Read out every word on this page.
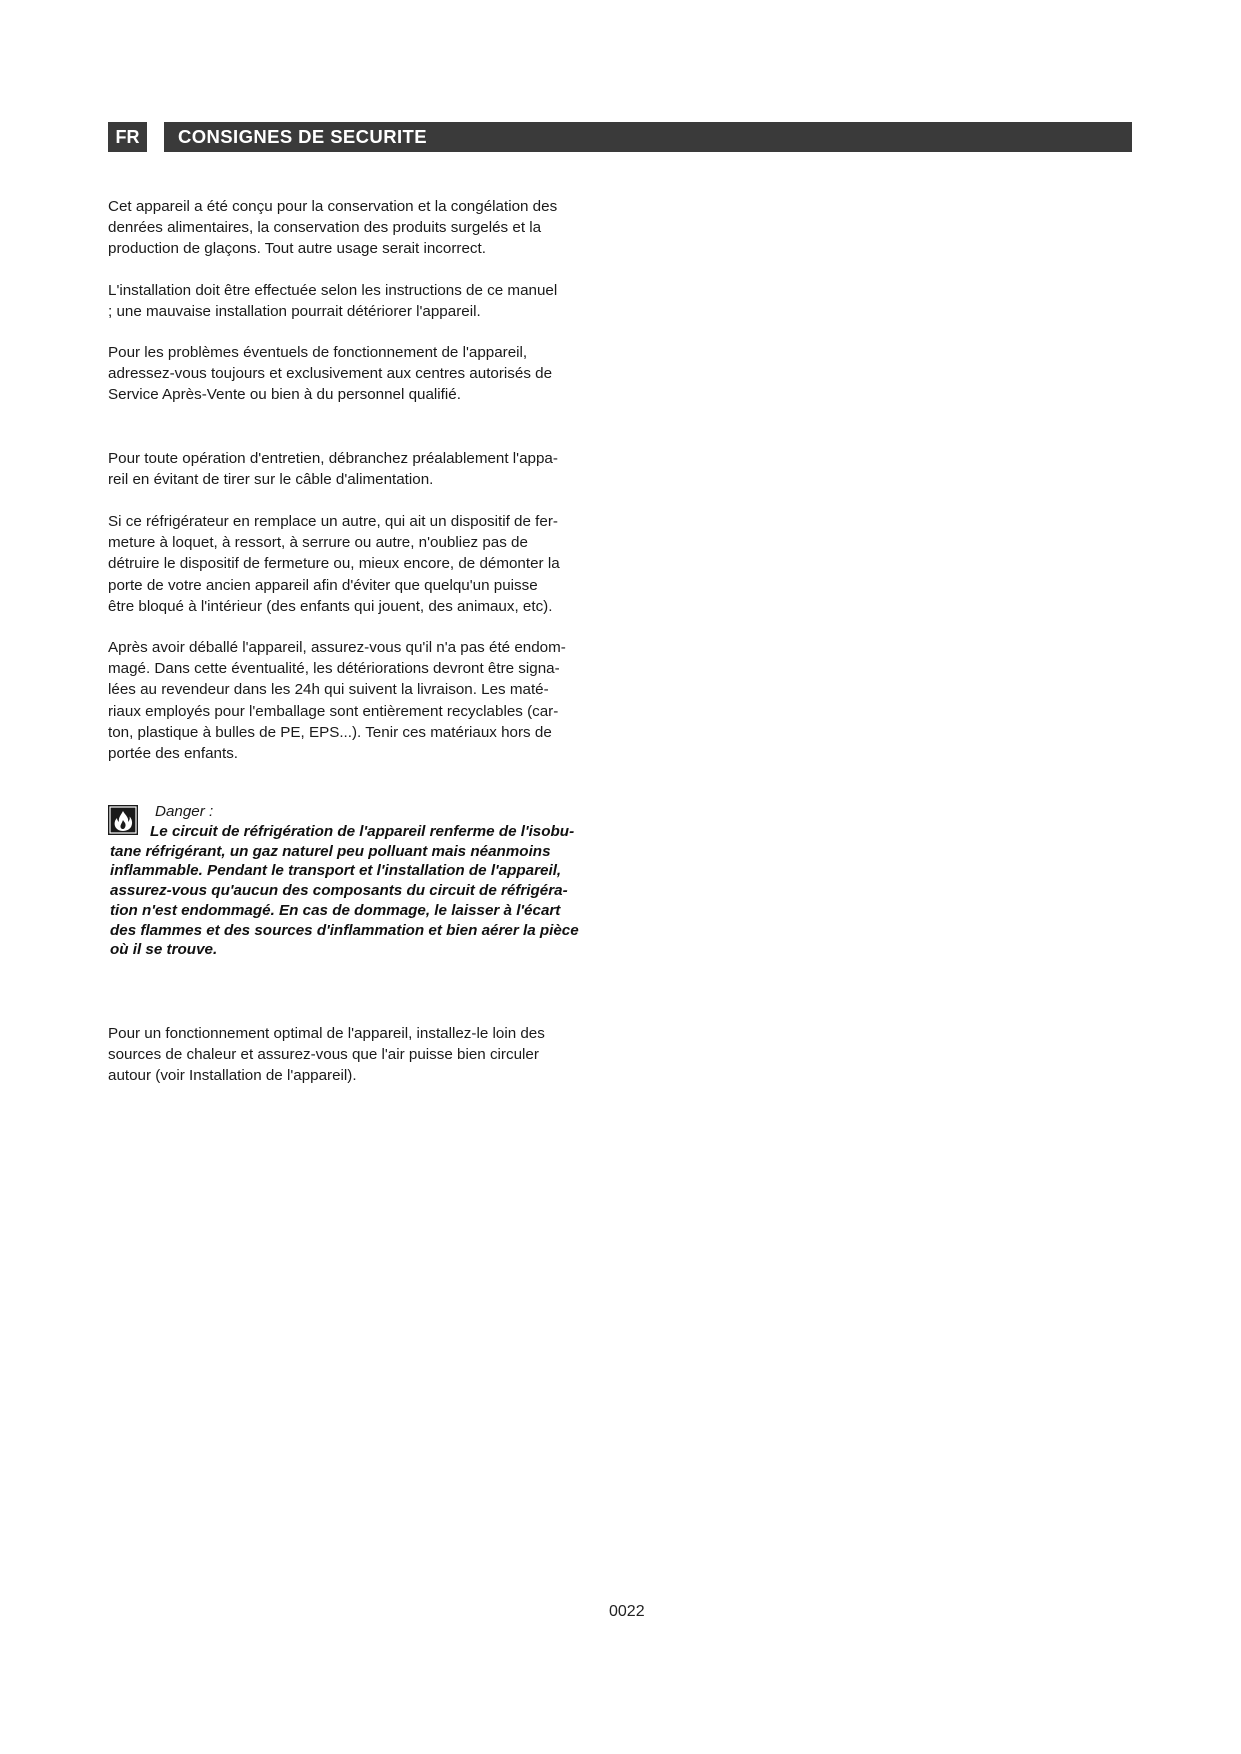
FR	CONSIGNES DE SECURITE

Cet appareil a été conçu pour la conservation et la congélation des
denrées alimentaires, la conservation des produits surgelés et la
production de glaçons. Tout autre usage serait incorrect.

L'installation doit être effectuée selon les instructions de ce manuel
; une mauvaise installation pourrait détériorer l'appareil.

Pour les problèmes éventuels de fonctionnement de l'appareil,
adressez-vous toujours et exclusivement aux centres autorisés de
Service Après-Vente ou bien à du personnel qualifié.

Pour toute opération d'entretien, débranchez préalablement l'appa-
reil en évitant de tirer sur le câble d'alimentation.

Si ce réfrigérateur en remplace un autre, qui ait un dispositif de fer-
meture à loquet, à ressort, à serrure ou autre, n'oubliez pas de
détruire le dispositif de fermeture ou, mieux encore, de démonter la
porte de votre ancien appareil afin d'éviter que quelqu'un puisse
être bloqué à l'intérieur (des enfants qui jouent, des animaux, etc).

Après avoir déballé l'appareil, assurez-vous qu'il n'a pas été endom-
magé. Dans cette éventualité, les détériorations devront être signa-
lées au revendeur dans les 24h qui suivent la livraison. Les maté-
riaux employés pour l'emballage sont entièrement recyclables (car-
ton, plastique à bulles de PE, EPS...). Tenir ces matériaux hors de
portée des enfants.

Danger :

Le circuit de réfrigération de l'appareil renferme de l'isobu-
tane réfrigérant, un gaz naturel peu polluant mais néanmoins
inflammable. Pendant le transport et l'installation de l'appareil,
assurez-vous qu'aucun des composants du circuit de réfrigéra-
tion n'est endommagé. En cas de dommage, le laisser à l'écart
des flammes et des sources d'inflammation et bien aérer la pièce
où il se trouve.

Pour un fonctionnement optimal de l'appareil, installez-le loin des
sources de chaleur et assurez-vous que l'air puisse bien circuler
autour (voir Installation de l'appareil).

0022
